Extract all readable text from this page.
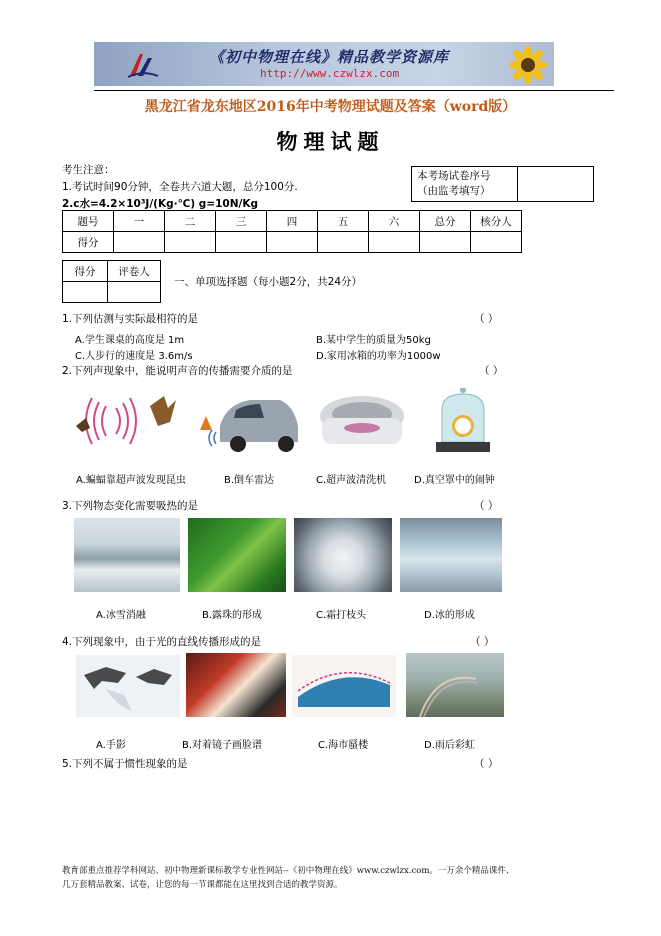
《初中物理在线》精品教学资源库
http://www.czwlzx.com
黑龙江省龙东地区2016年中考物理试题及答案（word版）
物理试题
考生注意：
1.考试时间90分钟，全卷共六道大题，总分100分.
2.c水=4.2×10³J/(Kg·℃) g=10N/Kg
本考场试卷序号
（由监考填写）

题号	一	二	三	四	五	六	总分	核分人
得分								
得分	评卷人

一、单项选择题（每小题2分，共24分）
1.下列估测与实际最相符的是	（ ）
A.学生课桌的高度是 1m	B.某中学生的质量为50kg
C.人步行的速度是 3.6m/s	D.家用冰箱的功率为1000w
2.下列声现象中，能说明声音的传播需要介质的是	（ ）
A.蝙蝠靠超声波发现昆虫	B.倒车雷达	C.超声波清洗机	D.真空罩中的闹钟
3.下列物态变化需要吸热的是	（ ）
A.冰雪消融	B.露珠的形成	C.霜打枝头	D.冰的形成
4.下列现象中，由于光的直线传播形成的是	（ ）
A.手影	B.对着镜子画脸谱	C.海市蜃楼	D.雨后彩虹
5.下列不属于惯性现象的是	（ ）
教育部重点推荐学科网站、初中物理新课标教学专业性网站--《初中物理在线》www.czwlzx.com。一万余个精品课件、
几万套精品教案、试卷，让您的每一节课都能在这里找到合适的教学资源。
